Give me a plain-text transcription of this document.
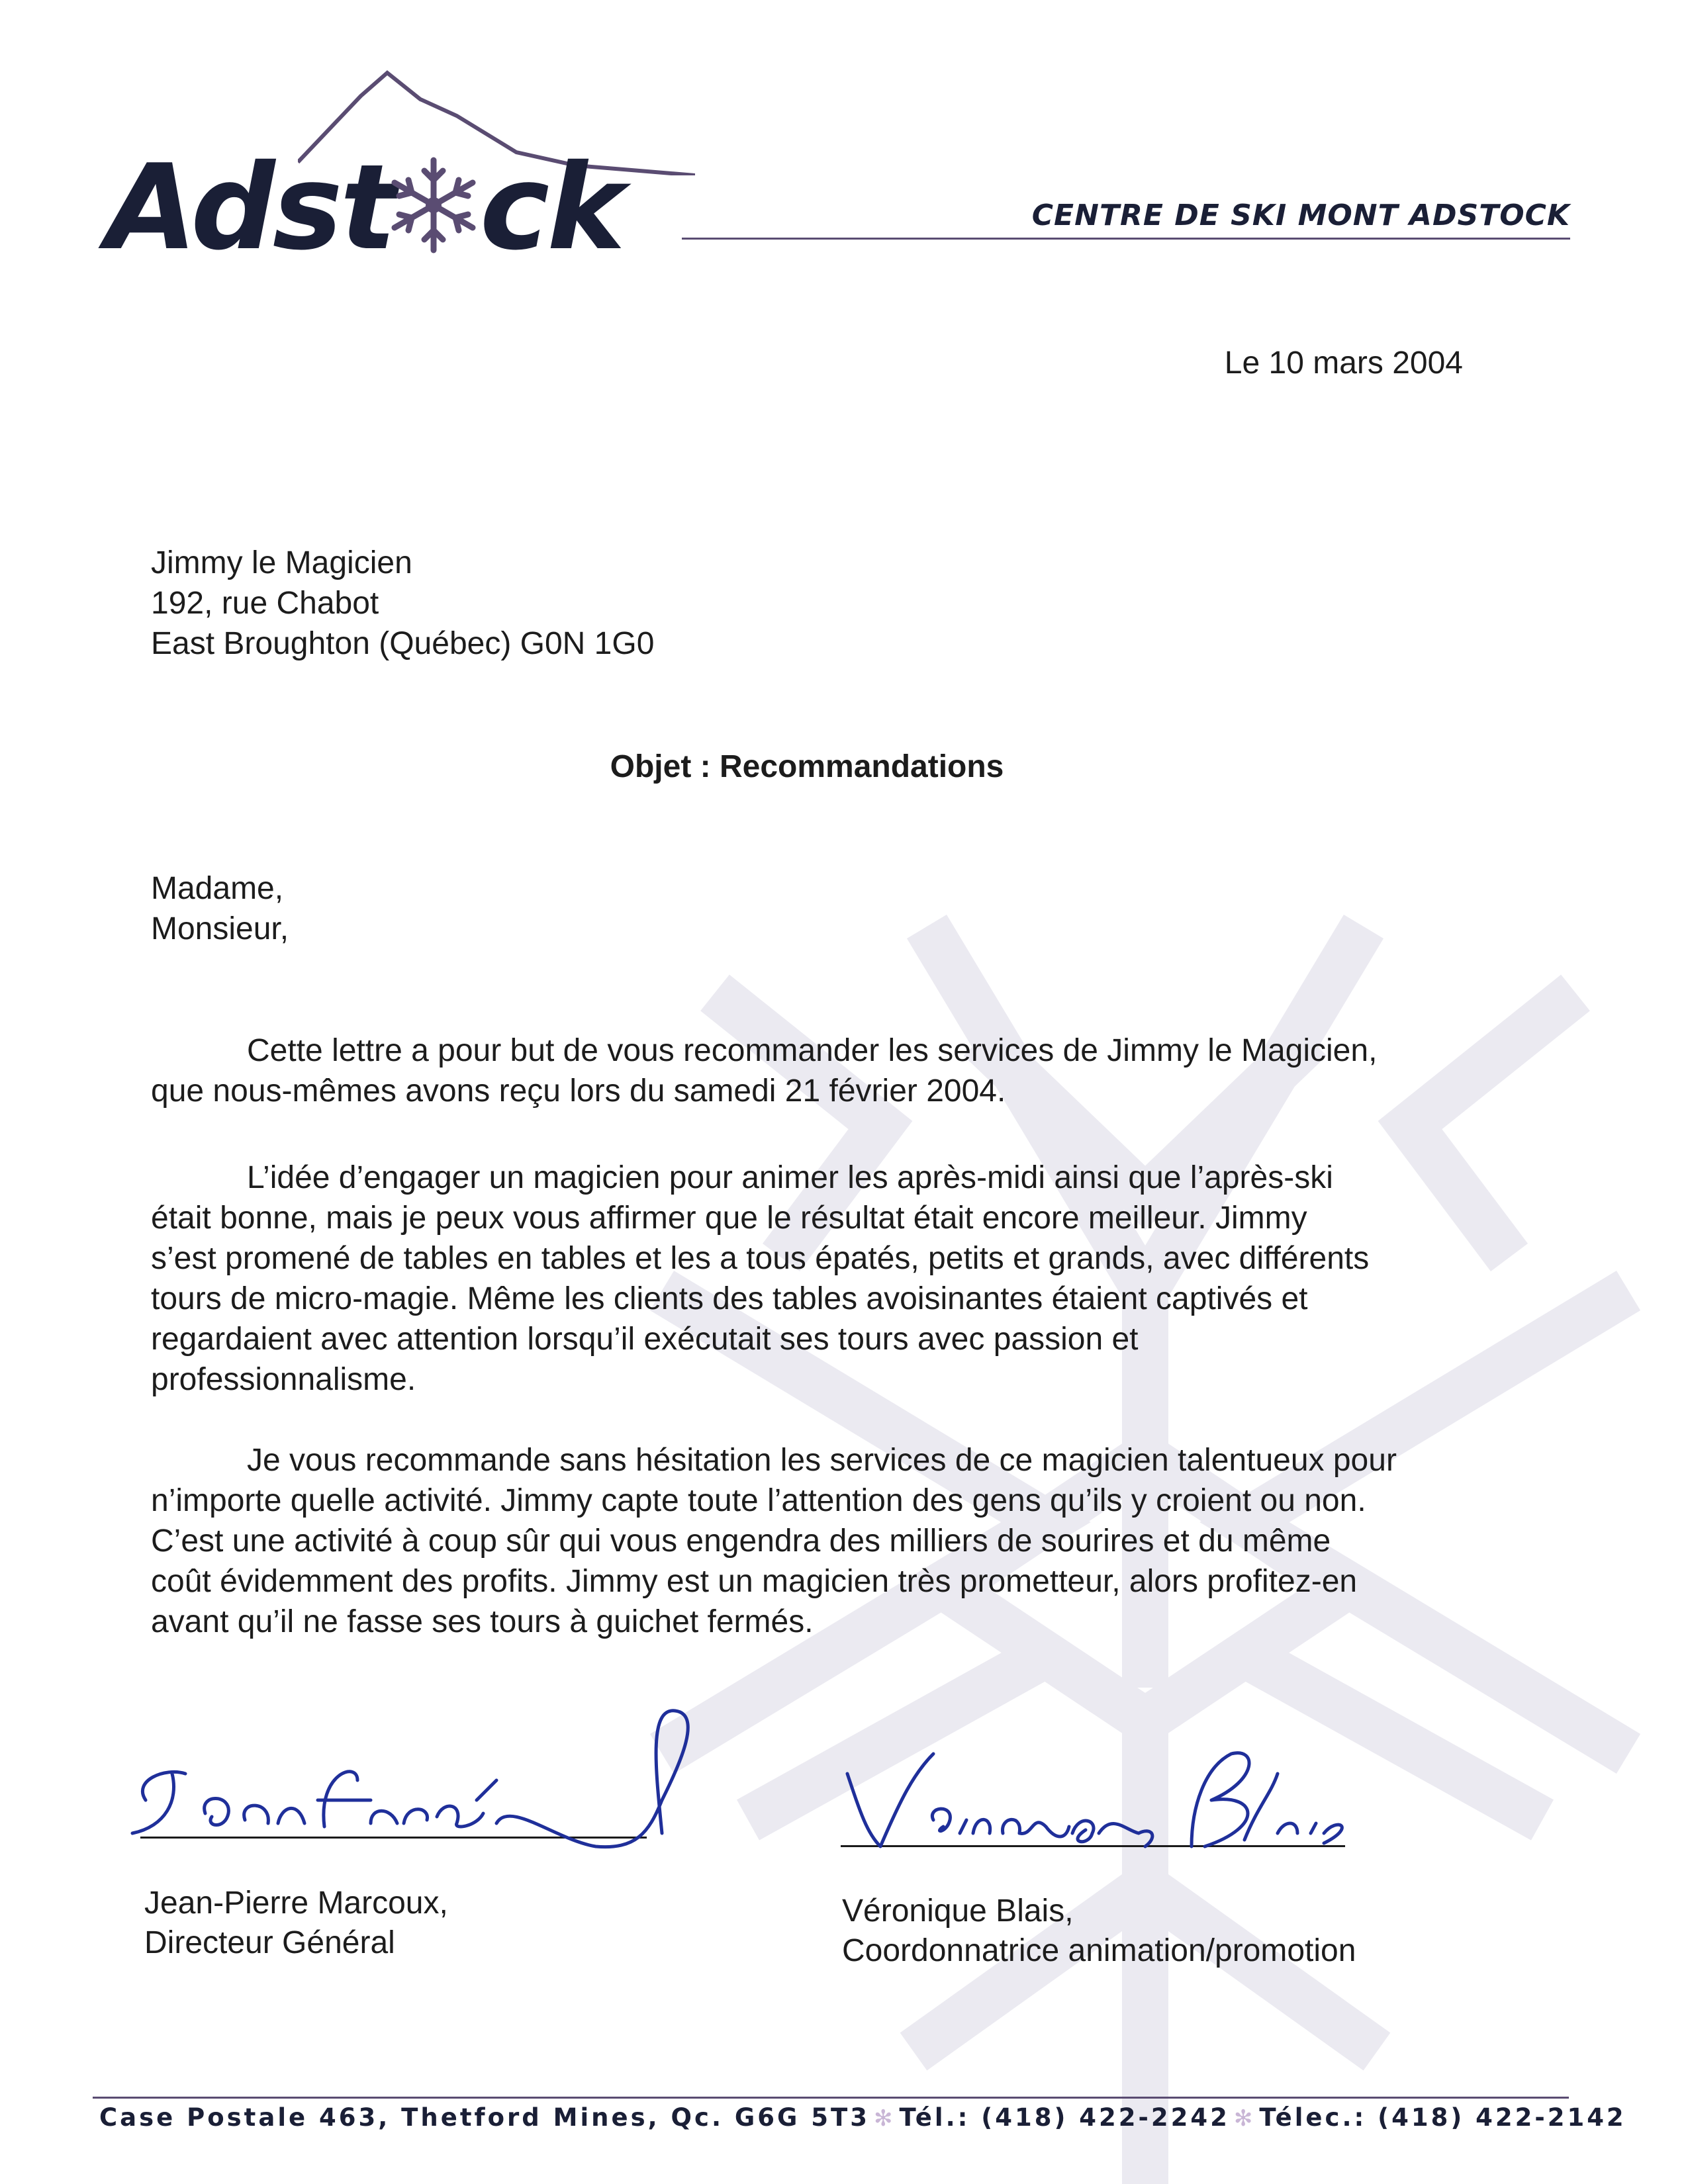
Adst ck	CENTRE DE SKI MONT ADSTOCK
Le 10 mars 2004
Jimmy le Magicien
192, rue Chabot
East Broughton (Québec) G0N 1G0
Objet : Recommandations
Madame,
Monsieur,
Cette lettre a pour but de vous recommander les services de Jimmy le Magicien,
que nous-mêmes avons reçu lors du samedi 21 février 2004.
L’idée d’engager un magicien pour animer les après-midi ainsi que l’après-ski
était bonne, mais je peux vous affirmer que le résultat était encore meilleur. Jimmy
s’est promené de tables en tables et les a tous épatés, petits et grands, avec différents
tours de micro-magie. Même les clients des tables avoisinantes étaient captivés et
regardaient avec attention lorsqu’il exécutait ses tours avec passion et
professionnalisme.
Je vous recommande sans hésitation les services de ce magicien talentueux pour
n’importe quelle activité. Jimmy capte toute l’attention des gens qu’ils y croient ou non.
C’est une activité à coup sûr qui vous engendra des milliers de sourires et du même
coût évidemment des profits. Jimmy est un magicien très prometteur, alors profitez-en
avant qu’il ne fasse ses tours à guichet fermés.
Jean-Pierre Marcoux,
Directeur Général
Véronique Blais,
Coordonnatrice animation/promotion
Case Postale 463, Thetford Mines, Qc. G6G 5T3 ✻ Tél.: (418) 422-2242 ✻ Télec.: (418) 422-2142
